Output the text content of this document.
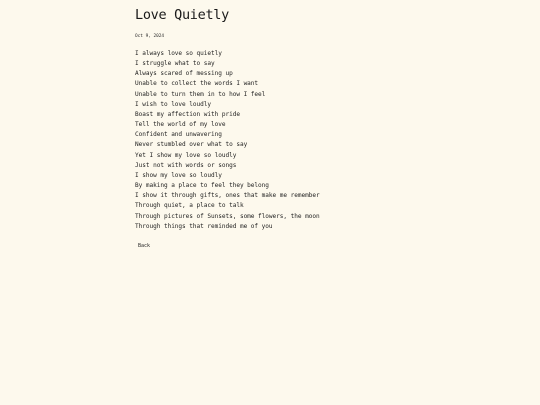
Love Quietly
Oct 9, 2024
I always love so quietly
I struggle what to say
Always scared of messing up
Unable to collect the words I want
Unable to turn them in to how I feel
I wish to love loudly
Boast my affection with pride
Tell the world of my love
Confident and unwavering
Never stumbled over what to say
Yet I show my love so loudly
Just not with words or songs
I show my love so loudly
By making a place to feel they belong
I show it through gifts, ones that make me remember
Through quiet, a place to talk
Through pictures of Sunsets, some flowers, the moon
Through things that reminded me of you
Back
